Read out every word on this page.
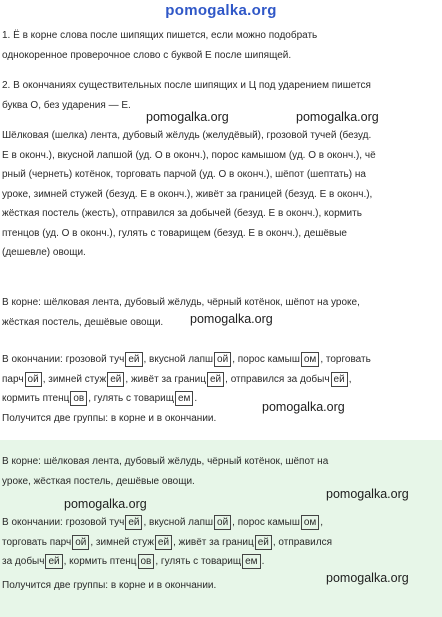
pomogalka.org
1. Ё в корне слова после шипящих пишется, если можно подобрать
однокоренное проверочное слово с буквой Е после шипящей.
2. В окончаниях существительных после шипящих и Ц под ударением пишется
буква О, без ударения — Е.
Шёлковая (шелка) лента, дубовый жёлудь (желудёвый), грозовой тучей (безуд.
Е в оконч.), вкусной лапшой (уд. О в оконч.), порос камышом (уд. О в оконч.), чё
рный (чернеть) котёнок, торговать парчой (уд. О в оконч.), шёпот (шептать) на
уроке, зимней стужей (безуд. Е в оконч.), живёт за границей (безуд. Е в оконч.),
жёсткая постель (жесть), отправился за добычей (безуд. Е в оконч.), кормить
птенцов (уд. О в оконч.), гулять с товарищем (безуд. Е в оконч.), дешёвые
(дешевле) овощи.
В корне: шёлковая лента, дубовый жёлудь, чёрный котёнок, шёпот на уроке,
жёсткая постель, дешёвые овощи.
В окончании: грозовой туч ей , вкусной лапш ой , порос камыш ом , торговать
парч ой , зимней стуж ей , живёт за границ ей , отправился за добыч ей ,
кормить птенц ов , гулять с товарищ ем .
Получится две группы: в корне и в окончании.
В корне: шёлковая лента, дубовый жёлудь, чёрный котёнок, шёпот на
уроке, жёсткая постель, дешёвые овощи.
В окончании: грозовой туч ей , вкусной лапш ой , порос камыш ом ,
торговать парч ой , зимней стуж ей , живёт за границ ей , отправился
за добыч ей , кормить птенц ов , гулять с товарищ ем .
Получится две группы: в корне и в окончании.
pomogalka.org	pomogalka.org
pomogalka.org
pomogalka.org
pomogalka.org
pomogalka.org
pomogalka.org
